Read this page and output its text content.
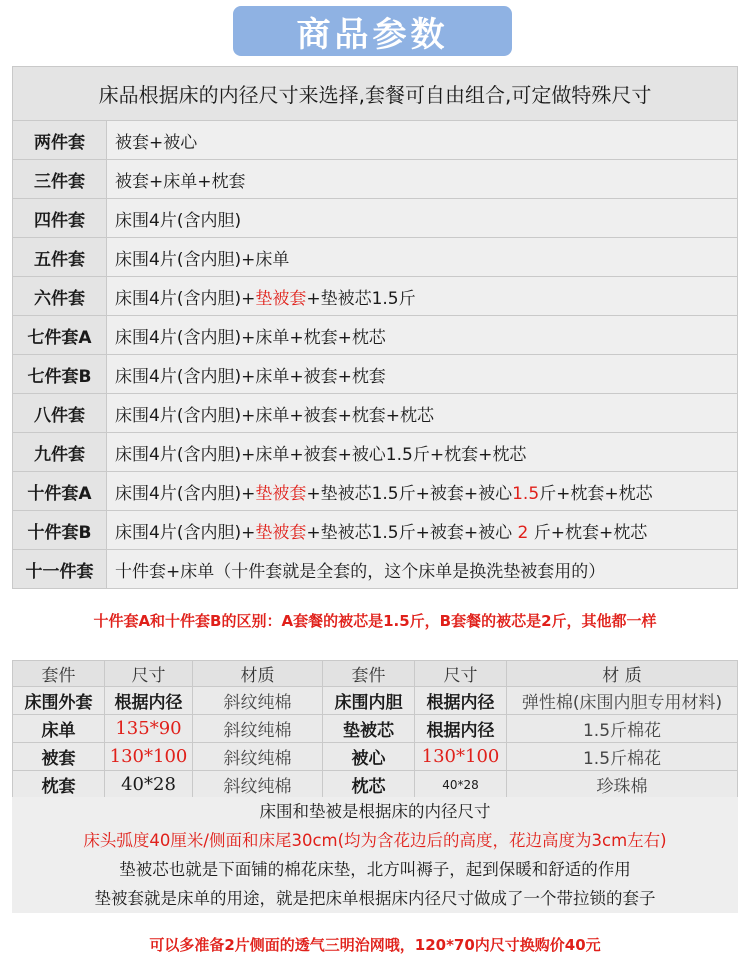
商品参数
床品根据床的内径尺寸来选择,套餐可自由组合,可定做特殊尺寸	
两件套	被套+被心
三件套	被套+床单+枕套
四件套	床围4片(含内胆)
五件套	床围4片(含内胆)+床单
六件套	床围4片(含内胆)+垫被套+垫被芯1.5斤
七件套A	床围4片(含内胆)+床单+枕套+枕芯
七件套B	床围4片(含内胆)+床单+被套+枕套
八件套	床围4片(含内胆)+床单+被套+枕套+枕芯
九件套	床围4片(含内胆)+床单+被套+被心1.5斤+枕套+枕芯
十件套A	床围4片(含内胆)+垫被套+垫被芯1.5斤+被套+被心1.5斤+枕套+枕芯
十件套B	床围4片(含内胆)+垫被套+垫被芯1.5斤+被套+被心 2 斤+枕套+枕芯
十一件套	十件套+床单（十件套就是全套的，这个床单是换洗垫被套用的）
十件套A和十件套B的区别：A套餐的被芯是1.5斤，B套餐的被芯是2斤，其他都一样
套件	尺寸	材质	套件	尺寸	材 质
床围外套	根据内径	斜纹纯棉	床围内胆	根据内径	弹性棉(床围内胆专用材料)
床单	135*90	斜纹纯棉	垫被芯	根据内径	1.5斤棉花
被套	130*100	斜纹纯棉	被心	130*100	1.5斤棉花
枕套	40*28	斜纹纯棉	枕芯	40*28	珍珠棉

床围和垫被是根据床的内径尺寸

床头弧度40厘米/侧面和床尾30cm(均为含花边后的高度，花边高度为3cm左右)

垫被芯也就是下面铺的棉花床垫，北方叫褥子，起到保暖和舒适的作用

垫被套就是床单的用途，就是把床单根据床内径尺寸做成了一个带拉锁的套子

可以多准备2片侧面的透气三明治网哦，120*70内尺寸换购价40元
